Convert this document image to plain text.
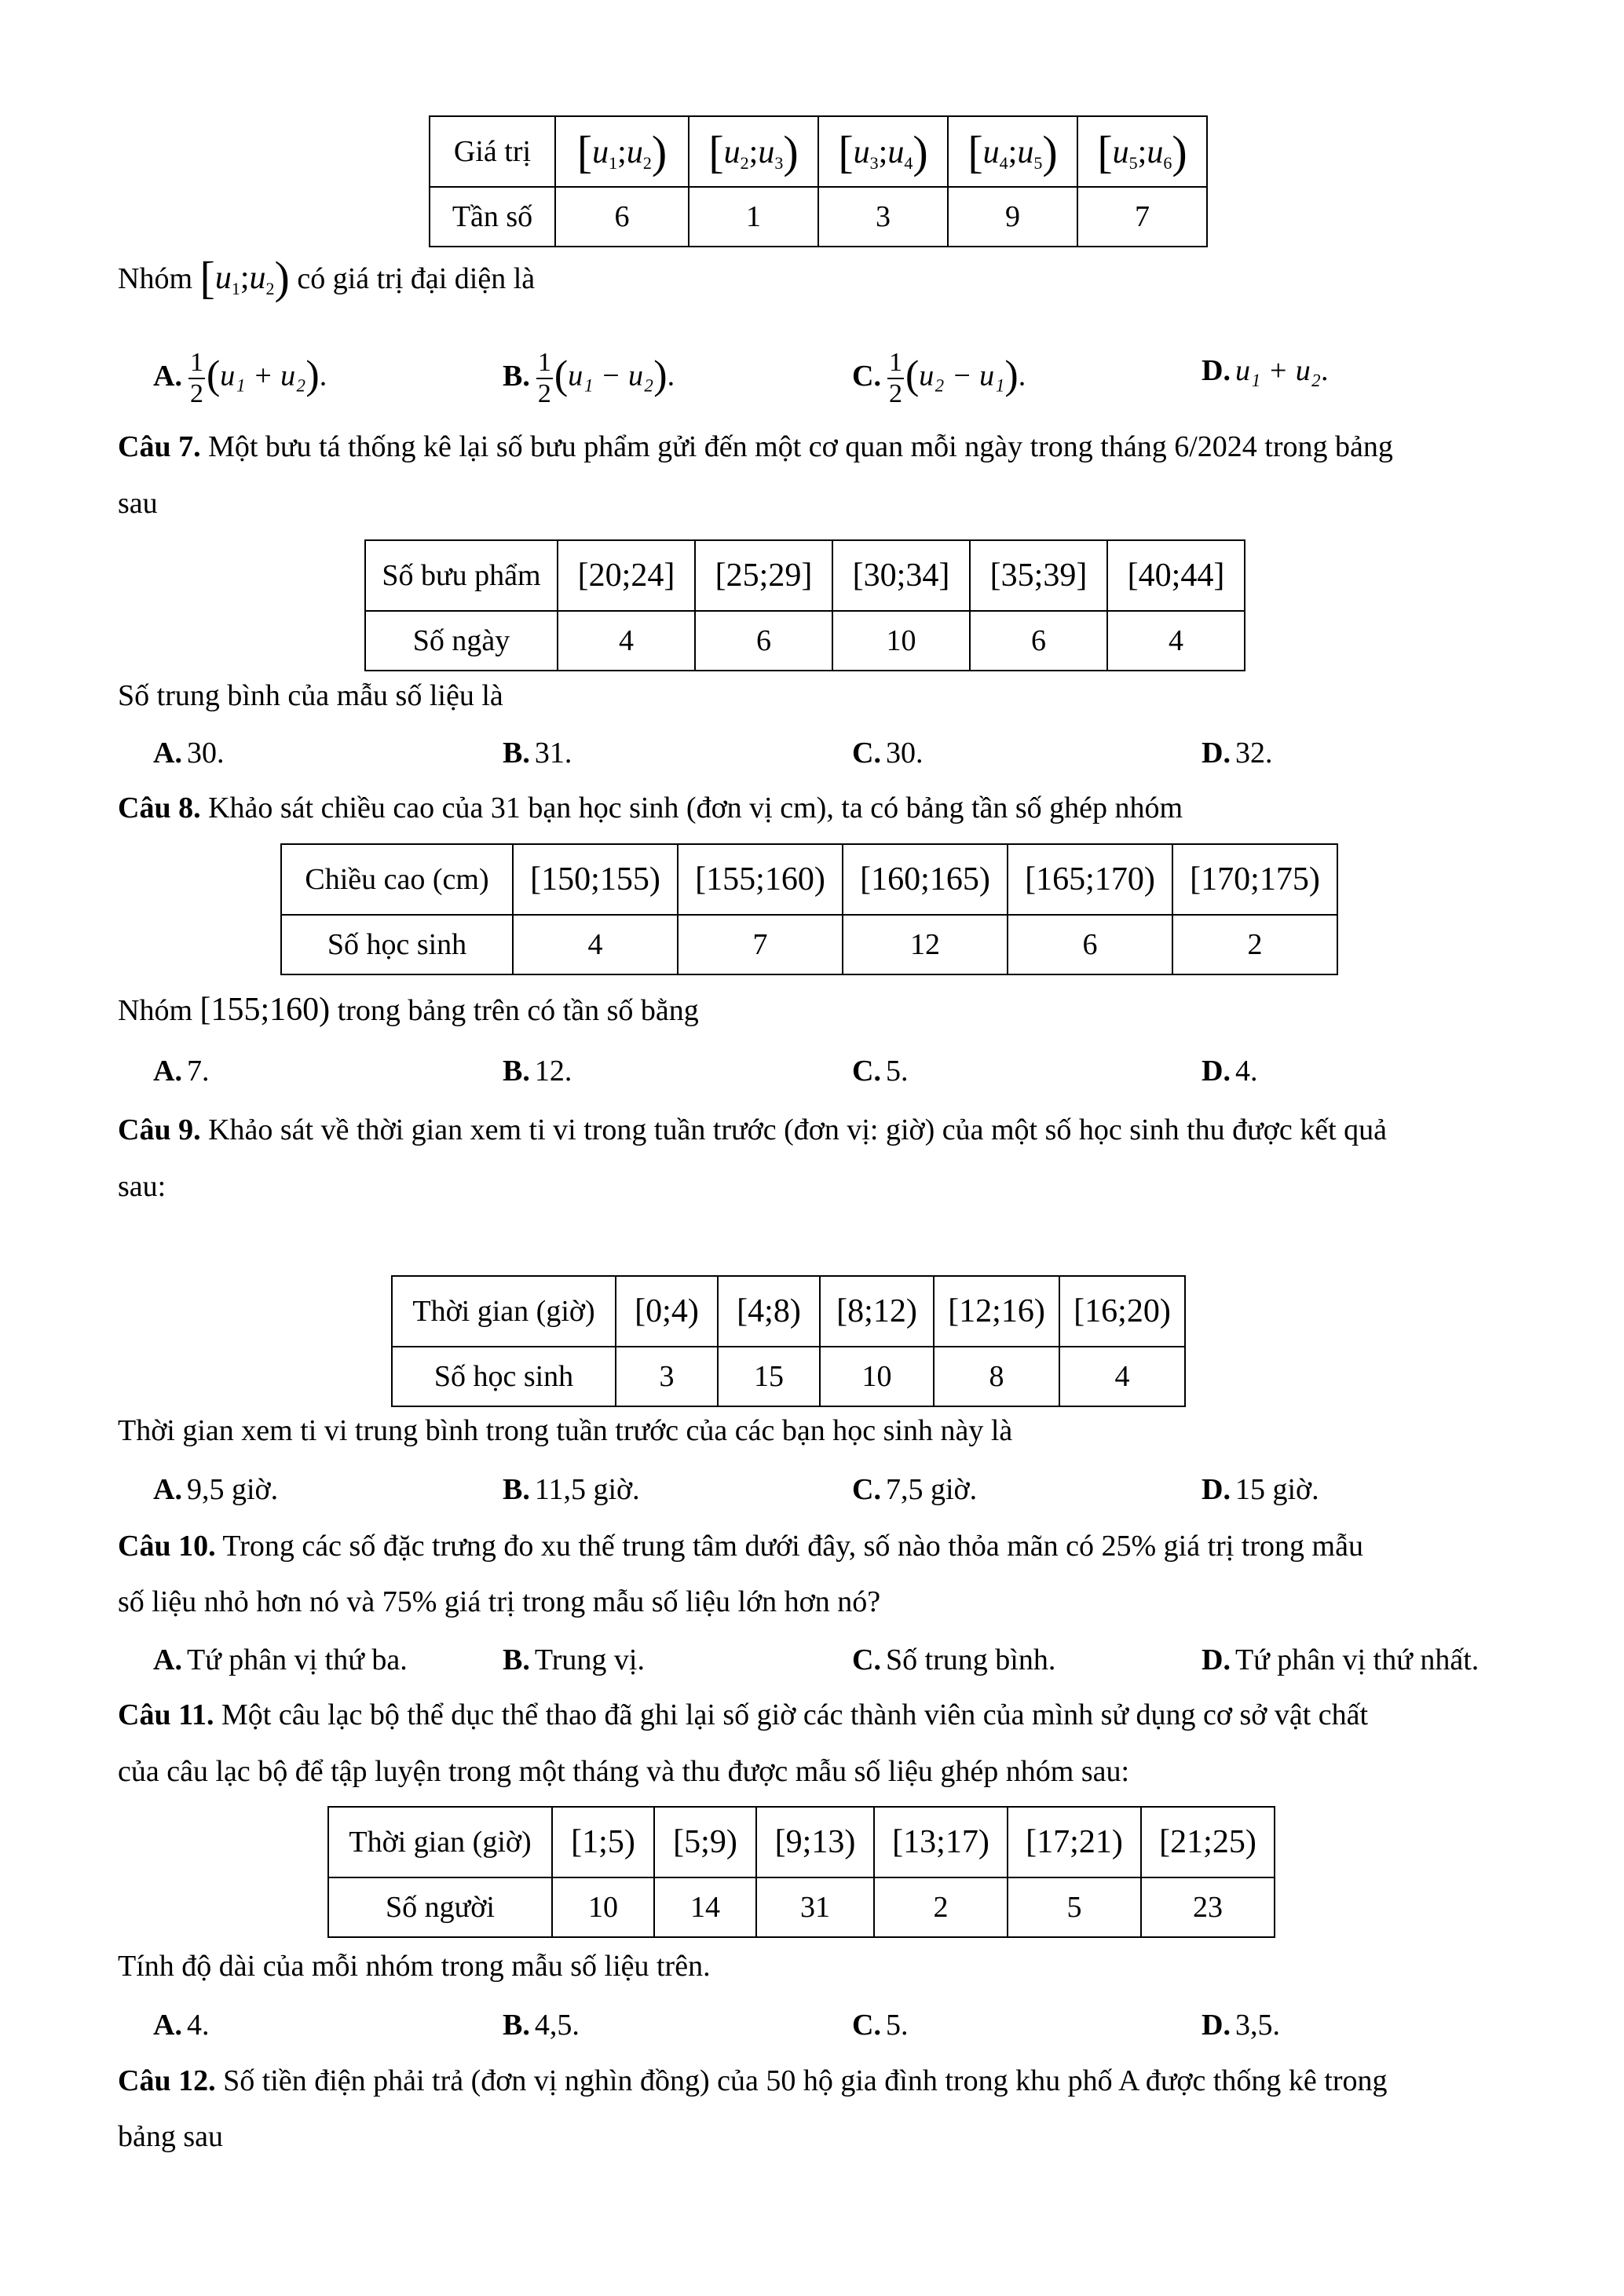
Giá trị	$[u_1;u_2)$	$[u_2;u_3)$	$[u_3;u_4)$	$[u_4;u_5)$	$[u_5;u_6)$
Tần số	6	1	3	9	7
Nhóm $[u_1;u_2)$ có giá trị đại diện là
A. $\frac{1}{2} (u_1 + u_2)$.	B. $\frac{1}{2} (u_1 - u_2)$.	C. $\frac{1}{2} (u_2 - u_1)$.	D. u₁ + u₂.
Câu 7. Một bưu tá thống kê lại số bưu phẩm gửi đến một cơ quan mỗi ngày trong tháng 6/2024 trong bảng
sau
Số bưu phẩm	[20;24]	[25;29]	[30;34]	[35;39]	[40;44]
Số ngày	4	6	10	6	4
Số trung bình của mẫu số liệu là
A. 30.	B. 31.	C. 30.	D. 32.
Câu 8. Khảo sát chiều cao của 31 bạn học sinh (đơn vị cm), ta có bảng tần số ghép nhóm
Chiều cao (cm)	[150;155)	[155;160)	[160;165)	[165;170)	[170;175)
Số học sinh	4	7	12	6	2
Nhóm [155;160) trong bảng trên có tần số bằng
A. 7.	B. 12.	C. 5.	D. 4.
Câu 9. Khảo sát về thời gian xem ti vi trong tuần trước (đơn vị: giờ) của một số học sinh thu được kết quả
sau:
Thời gian (giờ)	[0;4)	[4;8)	[8;12)	[12;16)	[16;20)
Số học sinh	3	15	10	8	4
Thời gian xem ti vi trung bình trong tuần trước của các bạn học sinh này là
A. 9,5 giờ.	B. 11,5 giờ.	C. 7,5 giờ.	D. 15 giờ.
Câu 10. Trong các số đặc trưng đo xu thế trung tâm dưới đây, số nào thỏa mãn có 25% giá trị trong mẫu
số liệu nhỏ hơn nó và 75% giá trị trong mẫu số liệu lớn hơn nó?
A. Tứ phân vị thứ ba.	B. Trung vị.	C. Số trung bình.	D. Tứ phân vị thứ nhất.
Câu 11. Một câu lạc bộ thể dục thể thao đã ghi lại số giờ các thành viên của mình sử dụng cơ sở vật chất
của câu lạc bộ để tập luyện trong một tháng và thu được mẫu số liệu ghép nhóm sau:
Thời gian (giờ)	[1;5)	[5;9)	[9;13)	[13;17)	[17;21)	[21;25)
Số người	10	14	31	2	5	23
Tính độ dài của mỗi nhóm trong mẫu số liệu trên.
A. 4.	B. 4,5.	C. 5.	D. 3,5.
Câu 12. Số tiền điện phải trả (đơn vị nghìn đồng) của 50 hộ gia đình trong khu phố A được thống kê trong
bảng sau
